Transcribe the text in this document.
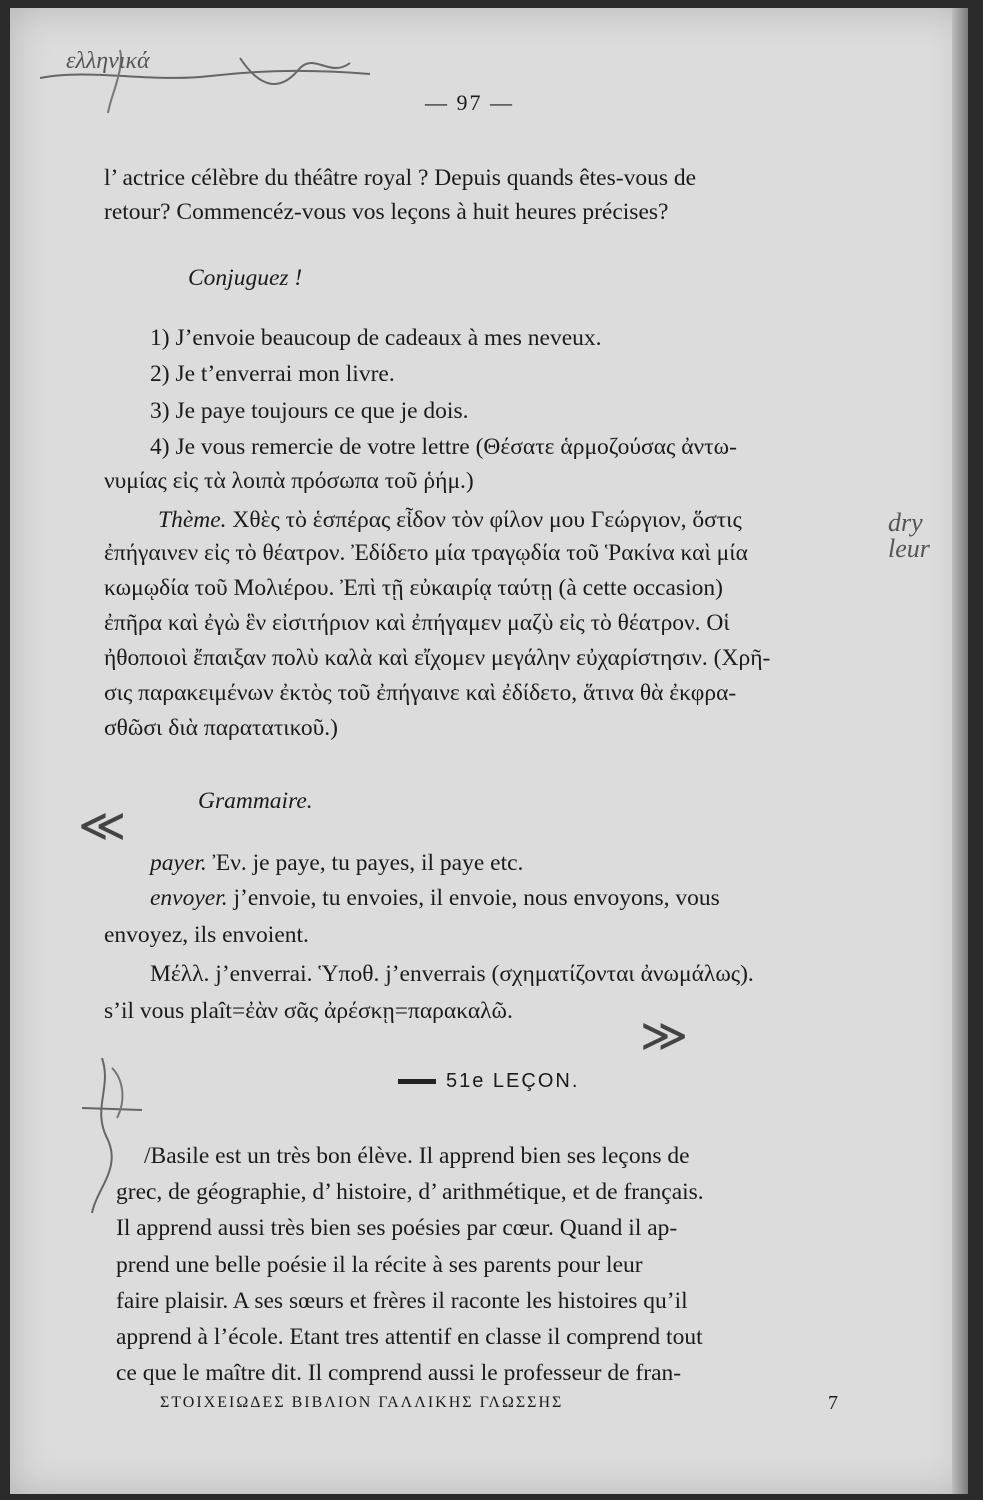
ελληνικά
— 97 —
l’ actrice célèbre du théâtre royal ? Depuis quands êtes-vous de
retour? Commencéz-vous vos leçons à huit heures précises?
Conjuguez !
1) J’envoie beaucoup de cadeaux à mes neveux.
2) Je t’enverrai mon livre.
3) Je paye toujours ce que je dois.
4) Je vous remercie de votre lettre (Θέσατε ἁρμοζούσας ἀντω-
νυμίας εἰς τὰ λοιπὰ πρόσωπα τοῦ ῥήμ.)
Thème. Χθὲς τὸ ἑσπέρας εἶδον τὸν φίλον μου Γεώργιον, ὅστις
ἐπήγαινεν εἰς τὸ θέατρον. Ἐδίδετο μία τραγῳδία τοῦ Ῥακίνα καὶ μία
κωμῳδία τοῦ Μολιέρου. Ἐπὶ τῇ εὐκαιρίᾳ ταύτῃ (à cette occasion)
ἐπῆρα καὶ ἐγὼ ἓν εἰσιτήριον καὶ ἐπήγαμεν μαζὺ εἰς τὸ θέατρον. Οἱ
ἠθοποιοὶ ἔπαιξαν πολὺ καλὰ καὶ εἴχομεν μεγάλην εὐχαρίστησιν. (Χρῆ-
σις παρακειμένων ἐκτὸς τοῦ ἐπήγαινε καὶ ἐδίδετο, ἅτινα θὰ ἐκφρα-
σθῶσι διὰ παρατατικοῦ.)
dry
leur
Grammaire.
≪
payer. Ἐν. je paye, tu payes, il paye etc.
envoyer. j’envoie, tu envoies, il envoie, nous envoyons, vous
envoyez, ils envoient.
Μέλλ. j’enverrai. Ὑποθ. j’enverrais (σχηματίζονται ἀνωμάλως).
s’il vous plaît=ἐὰν σᾶς ἀρέσκῃ=παρακαλῶ.	≫
51e LEÇON.
/Basile est un très bon élève. Il apprend bien ses leçons de
grec, de géographie, d’ histoire, d’ arithmétique, et de français.
Il apprend aussi très bien ses poésies par cœur. Quand il ap-
prend une belle poésie il la récite à ses parents pour leur
faire plaisir. A ses sœurs et frères il raconte les histoires qu’il
apprend à l’école. Etant tres attentif en classe il comprend tout
ce que le maître dit. Il comprend aussi le professeur de fran-
ΣΤΟΙΧΕΙΩΔΕΣ ΒΙΒΛΙΟΝ ΓΑΛΛΙΚΗΣ ΓΛΩΣΣΗΣ	7
